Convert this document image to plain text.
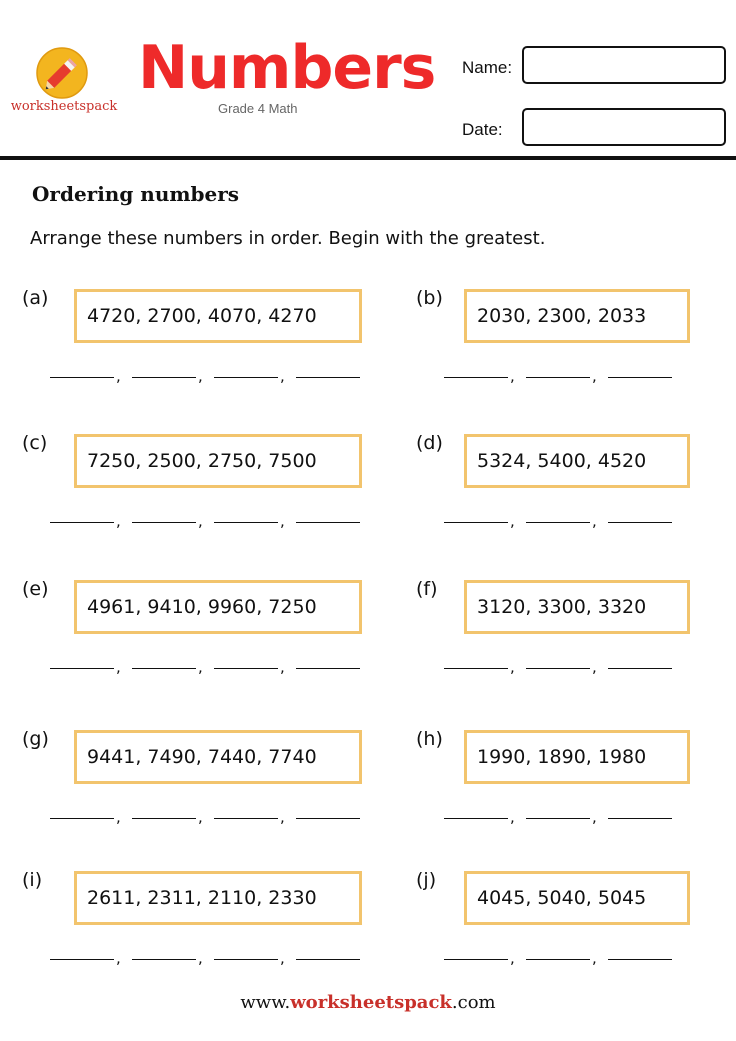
worksheetspack
Numbers
Grade 4 Math
Name:
Date:
Ordering numbers
Arrange these numbers in order. Begin with the greatest.
(a)
4720, 2700, 4070, 4270
,	,	,
(b)
2030, 2300, 2033
,	,
(c)
7250, 2500, 2750, 7500
,	,	,
(d)
5324, 5400, 4520
,	,
(e)
4961, 9410, 9960, 7250
,	,	,
(f)
3120, 3300, 3320
,	,
(g)
9441, 7490, 7440, 7740
,	,	,
(h)
1990, 1890, 1980
,	,
(i)
2611, 2311, 2110, 2330
,	,	,
(j)
4045, 5040, 5045
,	,
www.worksheetspack.com
